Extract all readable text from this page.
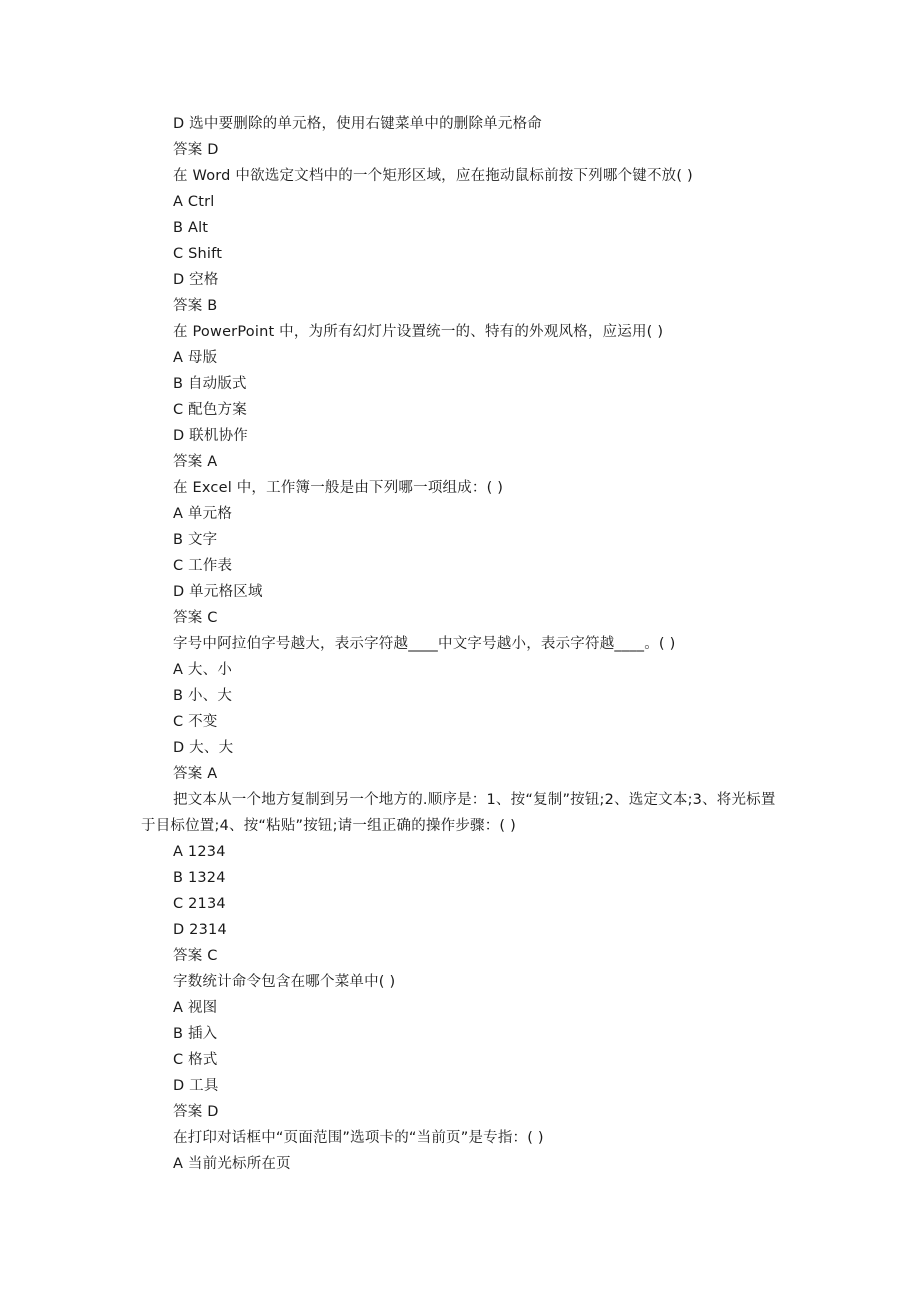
D 选中要删除的单元格，使用右键菜单中的删除单元格命
答案 D
在 Word 中欲选定文档中的一个矩形区域，应在拖动鼠标前按下列哪个键不放( )
A Ctrl
B Alt
C Shift
D 空格
答案 B
在 PowerPoint 中，为所有幻灯片设置统一的、特有的外观风格，应运用( )
A 母版
B 自动版式
C 配色方案
D 联机协作
答案 A
在 Excel 中，工作簿一般是由下列哪一项组成：( )
A 单元格
B 文字
C 工作表
D 单元格区域
答案 C
字号中阿拉伯字号越大，表示字符越____中文字号越小，表示字符越____。( )
A 大、小
B 小、大
C 不变
D 大、大
答案 A
把文本从一个地方复制到另一个地方的.顺序是：1、按“复制”按钮;2、选定文本;3、将光标置于目标位置;4、按“粘贴”按钮;请一组正确的操作步骤：( )
A 1234
B 1324
C 2134
D 2314
答案 C
字数统计命令包含在哪个菜单中( )
A 视图
B 插入
C 格式
D 工具
答案 D
在打印对话框中“页面范围”选项卡的“当前页”是专指：( )
A 当前光标所在页
